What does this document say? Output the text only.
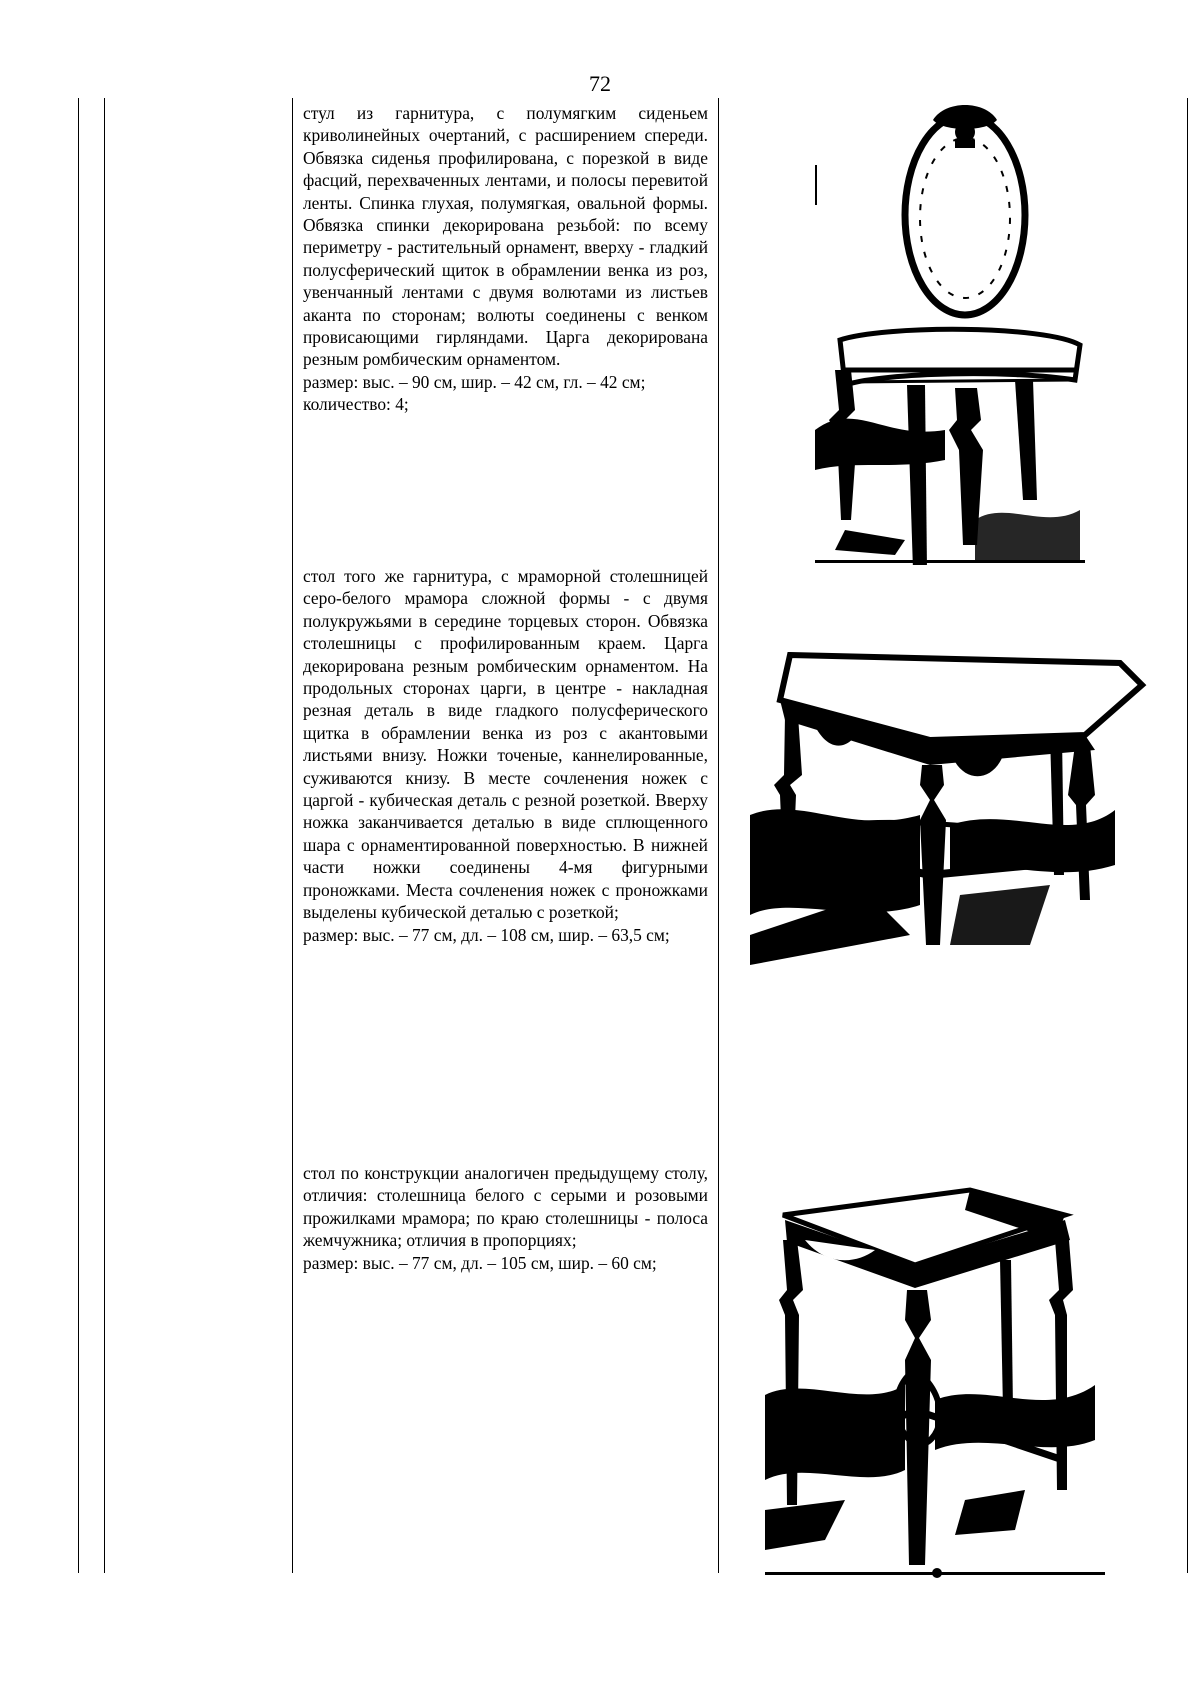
72

стул из гарнитура, с полумягким сиденьем криволинейных очертаний, с расширением спереди. Обвязка сиденья профилирована, с порезкой в виде фасций, перехваченных лентами, и полосы перевитой ленты. Спинка глухая, полумягкая, овальной формы. Обвязка спинки декорирована резьбой: по всему периметру - растительный орнамент, вверху - гладкий полусферический щиток в обрамлении венка из роз, увенчанный лентами с двумя волютами из листьев аканта по сторонам; волюты соединены с венком провисающими гирляндами. Царга декорирована резным ромбическим орнаментом.

размер: выс. – 90 см, шир. – 42 см, гл. – 42 см;

количество: 4;

стол того же гарнитура, с мраморной столешницей серо-белого мрамора сложной формы - с двумя полукружьями в середине торцевых сторон. Обвязка столешницы с профилированным краем. Царга декорирована резным ромбическим орнаментом. На продольных сторонах царги, в центре - накладная резная деталь в виде гладкого полусферического щитка в обрамлении венка из роз с акантовыми листьями внизу. Ножки точеные, каннелированные, суживаются книзу. В месте сочленения ножек с царгой - кубическая деталь с резной розеткой. Вверху ножка заканчивается деталью в виде сплющенного шара с орнаментированной поверхностью. В нижней части ножки соединены 4-мя фигурными проножками. Места сочленения ножек с проножками выделены кубической деталью с розеткой;

размер: выс. – 77 см, дл. – 108 см, шир. – 63,5 см;

стол по конструкции аналогичен предыдущему столу, отличия: столешница белого с серыми и розовыми прожилками мрамора; по краю столешницы - полоса жемчужника; отличия в пропорциях;

размер: выс. – 77 см, дл. – 105 см, шир. – 60 см;
